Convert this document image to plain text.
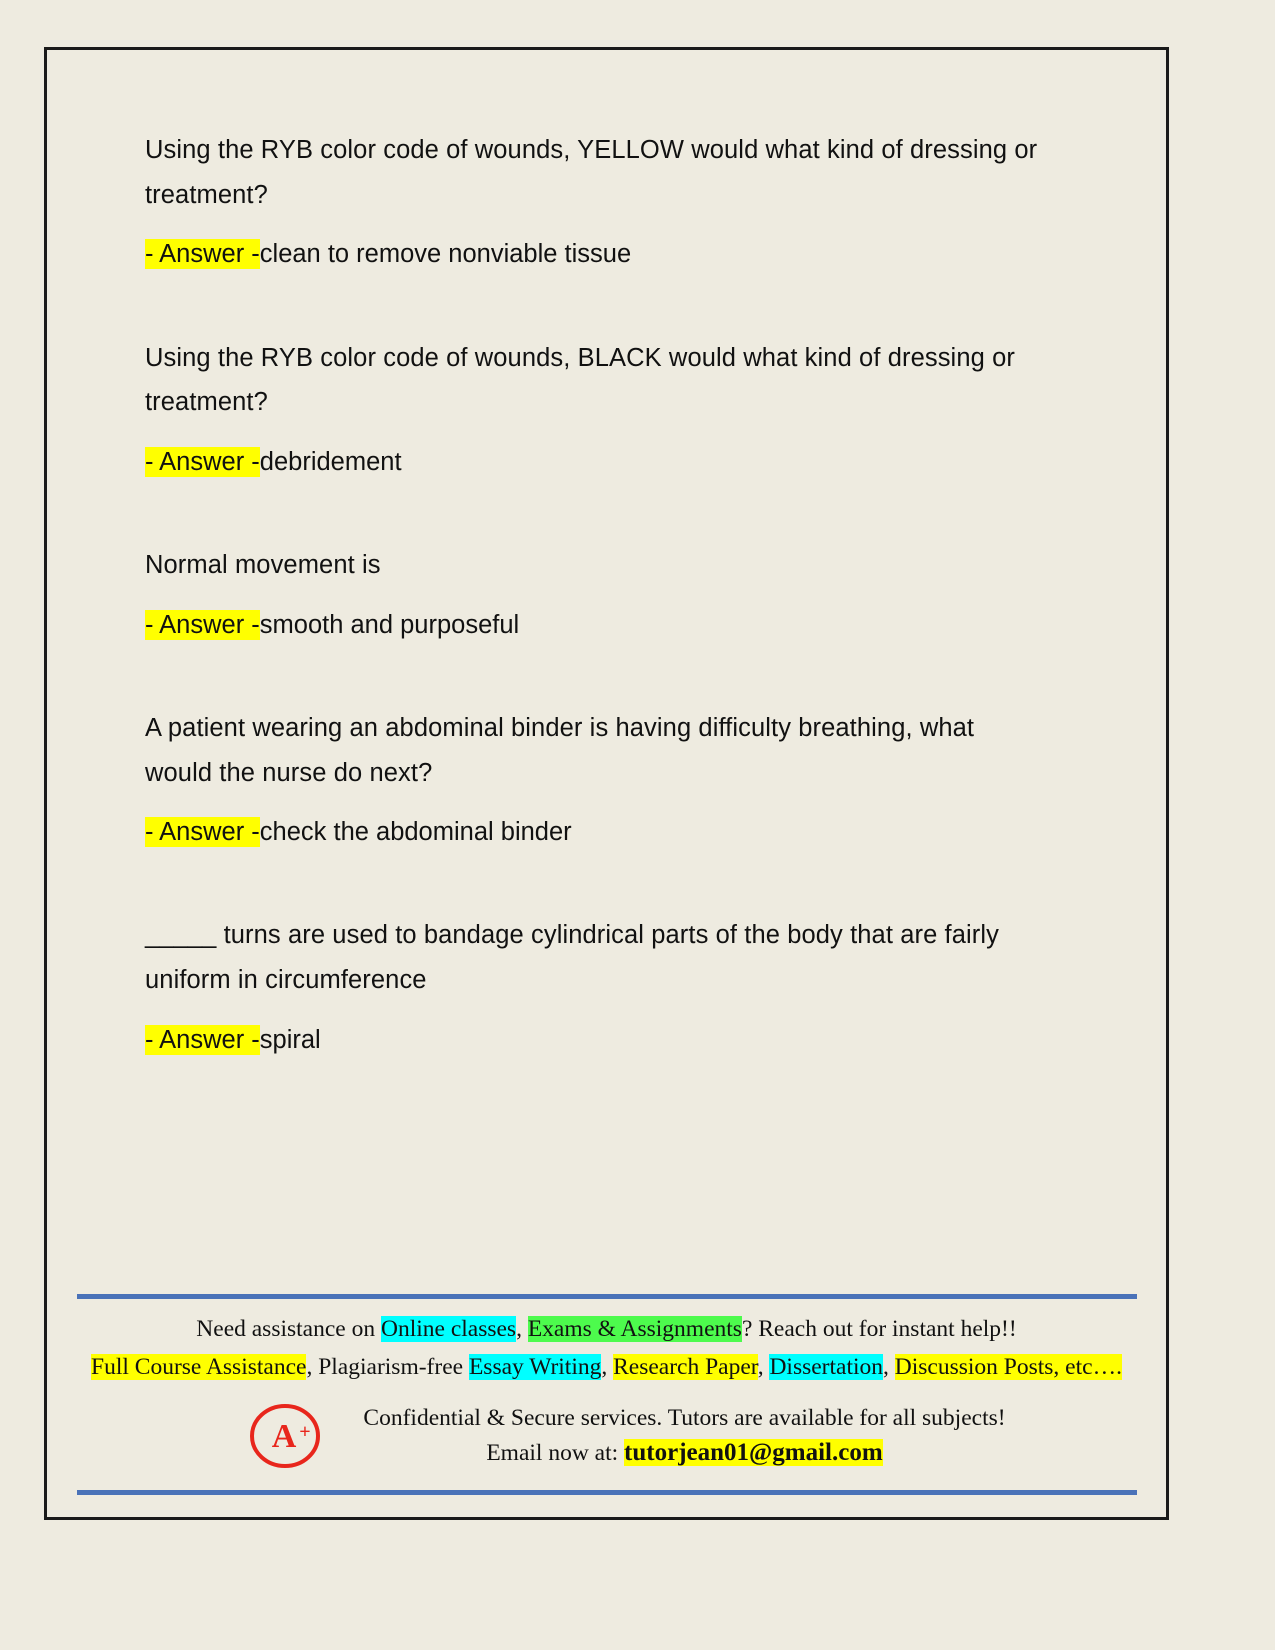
Using the RYB color code of wounds, YELLOW would what kind of dressing or treatment?

- Answer -clean to remove nonviable tissue

Using the RYB color code of wounds, BLACK would what kind of dressing or treatment?

- Answer -debridement

Normal movement is

- Answer -smooth and purposeful

A patient wearing an abdominal binder is having difficulty breathing, what would the nurse do next?

- Answer -check the abdominal binder

_____ turns are used to bandage cylindrical parts of the body that are fairly uniform in circumference

- Answer -spiral

Need assistance on Online classes, Exams & Assignments? Reach out for instant help!!
Full Course Assistance, Plagiarism-free Essay Writing, Research Paper, Dissertation, Discussion Posts, etc….
A +
Confidential & Secure services. Tutors are available for all subjects!
Email now at: tutorjean01@gmail.com
